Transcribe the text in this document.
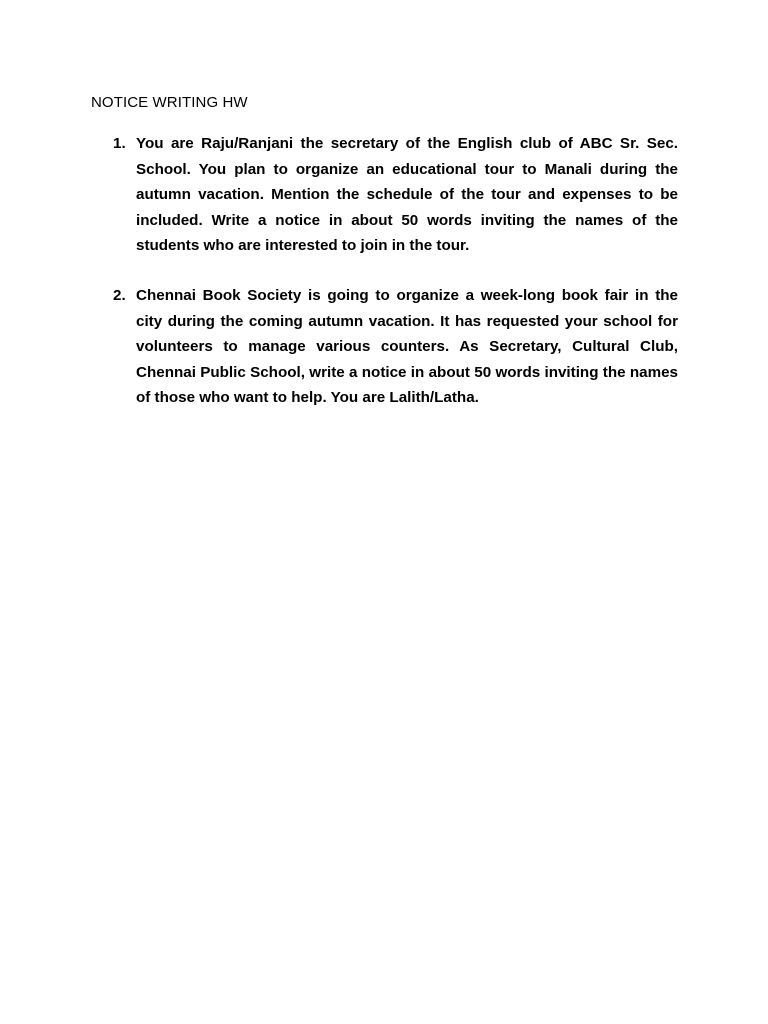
NOTICE WRITING HW
1. You are Raju/Ranjani the secretary of the English club of ABC Sr. Sec. School. You plan to organize an educational tour to Manali during the autumn vacation. Mention the schedule of the tour and expenses to be included. Write a notice in about 50 words inviting the names of the students who are interested to join in the tour.

2. Chennai Book Society is going to organize a week-long book fair in the city during the coming autumn vacation. It has requested your school for volunteers to manage various counters. As Secretary, Cultural Club, Chennai Public School, write a notice in about 50 words inviting the names of those who want to help. You are Lalith/Latha.
